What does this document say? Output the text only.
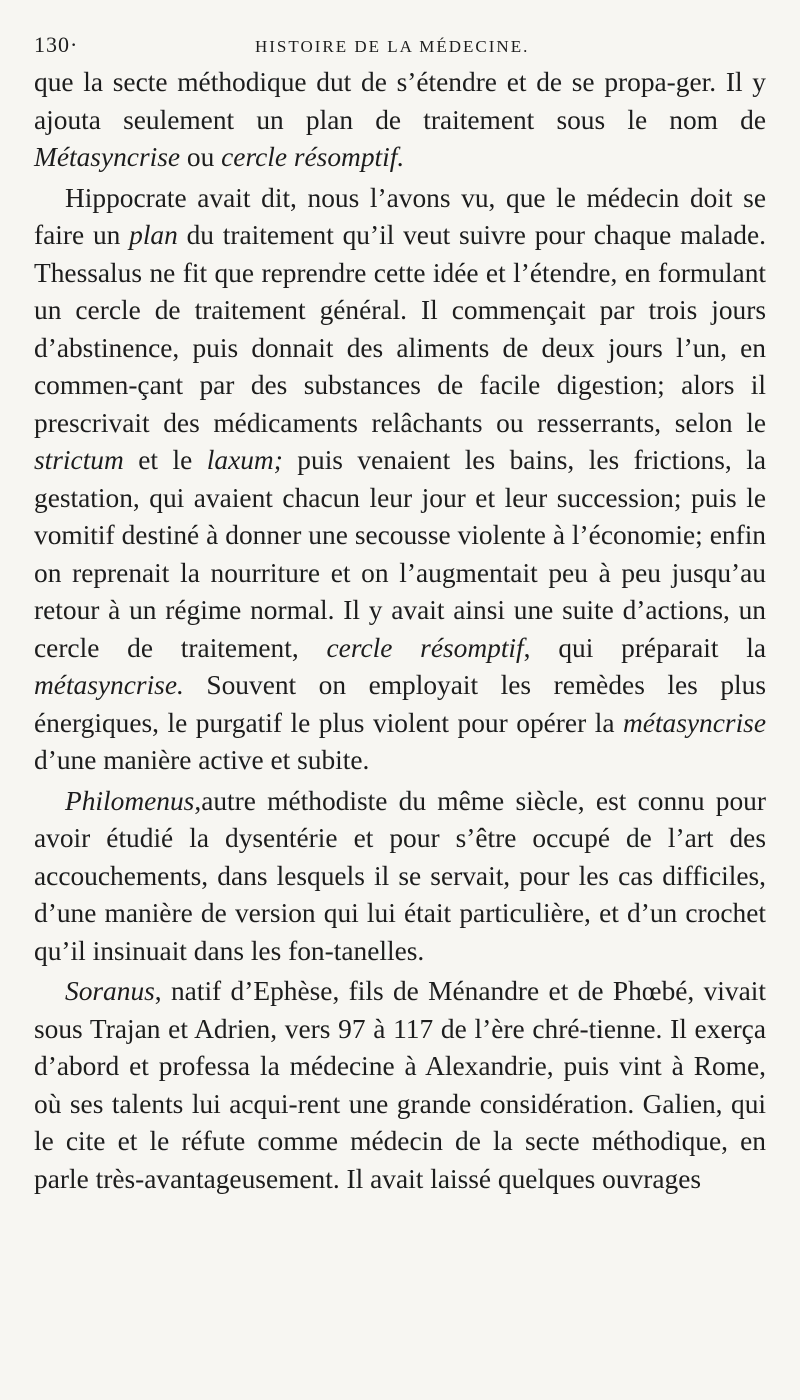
130·	HISTOIRE DE LA MÉDECINE.

que la secte méthodique dut de s’étendre et de se propa-ger. Il y ajouta seulement un plan de traitement sous le nom de Métasyncrise ou cercle résomptif.

Hippocrate avait dit, nous l’avons vu, que le médecin doit se faire un plan du traitement qu’il veut suivre pour chaque malade. Thessalus ne fit que reprendre cette idée et l’étendre, en formulant un cercle de traitement général. Il commençait par trois jours d’abstinence, puis donnait des aliments de deux jours l’un, en commen-çant par des substances de facile digestion; alors il prescrivait des médicaments relâchants ou resserrants, selon le strictum et le laxum; puis venaient les bains, les frictions, la gestation, qui avaient chacun leur jour et leur succession; puis le vomitif destiné à donner une secousse violente à l’économie; enfin on reprenait la nourriture et on l’augmentait peu à peu jusqu’au retour à un régime normal. Il y avait ainsi une suite d’actions, un cercle de traitement, cercle résomptif, qui préparait la métasyncrise. Souvent on employait les remèdes les plus énergiques, le purgatif le plus violent pour opérer la métasyncrise d’une manière active et subite.

Philomenus,autre méthodiste du même siècle, est connu pour avoir étudié la dysentérie et pour s’être occupé de l’art des accouchements, dans lesquels il se servait, pour les cas difficiles, d’une manière de version qui lui était particulière, et d’un crochet qu’il insinuait dans les fon-tanelles.

Soranus, natif d’Ephèse, fils de Ménandre et de Phœbé, vivait sous Trajan et Adrien, vers 97 à 117 de l’ère chré-tienne. Il exerça d’abord et professa la médecine à Alexandrie, puis vint à Rome, où ses talents lui acqui-rent une grande considération. Galien, qui le cite et le réfute comme médecin de la secte méthodique, en parle très-avantageusement. Il avait laissé quelques ouvrages
